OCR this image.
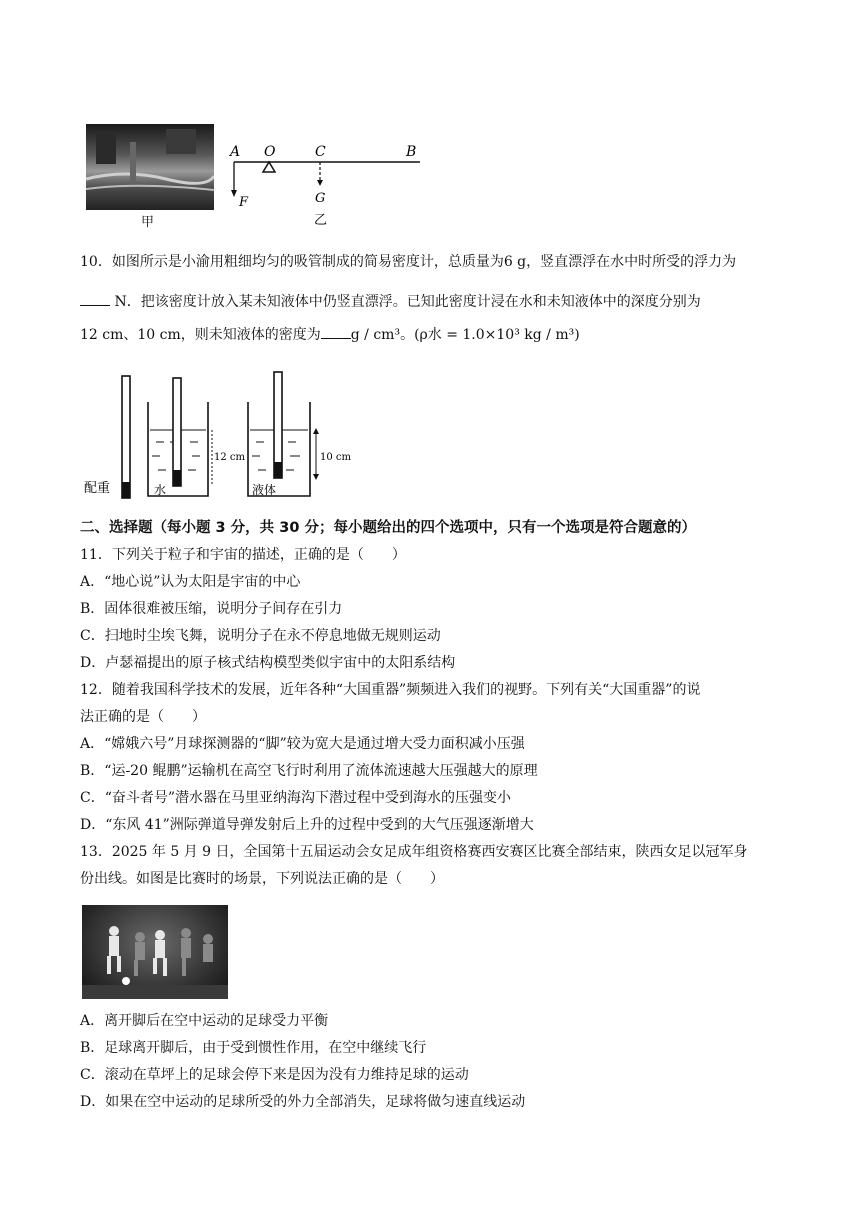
甲
A O	C	B
F	G
乙
10．如图所示是小渝用粗细均匀的吸管制成的简易密度计，总质量为6 g，竖直漂浮在水中时所受的浮力为
N．把该密度计放入某未知液体中仍竖直漂浮。已知此密度计浸在水和未知液体中的深度分别为
12 cm、10 cm，则未知液体的密度为 g / cm³。(ρ水 = 1.0×10³ kg / m³)
配重
12 cm
水
10 cm
液体
二、选择题（每小题 3 分，共 30 分；每小题给出的四个选项中，只有一个选项是符合题意的）
11．下列关于粒子和宇宙的描述，正确的是（　　）
A．“地心说”认为太阳是宇宙的中心
B．固体很难被压缩，说明分子间存在引力
C．扫地时尘埃飞舞，说明分子在永不停息地做无规则运动
D．卢瑟福提出的原子核式结构模型类似宇宙中的太阳系结构
12．随着我国科学技术的发展，近年各种“大国重器”频频进入我们的视野。下列有关“大国重器”的说
法正确的是（　　）
A．“嫦娥六号”月球探测器的“脚”较为宽大是通过增大受力面积减小压强
B．“运-20 鲲鹏”运输机在高空飞行时利用了流体流速越大压强越大的原理
C．“奋斗者号”潜水器在马里亚纳海沟下潜过程中受到海水的压强变小
D．“东风 41”洲际弹道导弹发射后上升的过程中受到的大气压强逐渐增大
13．2025 年 5 月 9 日，全国第十五届运动会女足成年组资格赛西安赛区比赛全部结束，陕西女足以冠军身
份出线。如图是比赛时的场景，下列说法正确的是（　　）
A．离开脚后在空中运动的足球受力平衡
B．足球离开脚后，由于受到惯性作用，在空中继续飞行
C．滚动在草坪上的足球会停下来是因为没有力维持足球的运动
D．如果在空中运动的足球所受的外力全部消失，足球将做匀速直线运动
